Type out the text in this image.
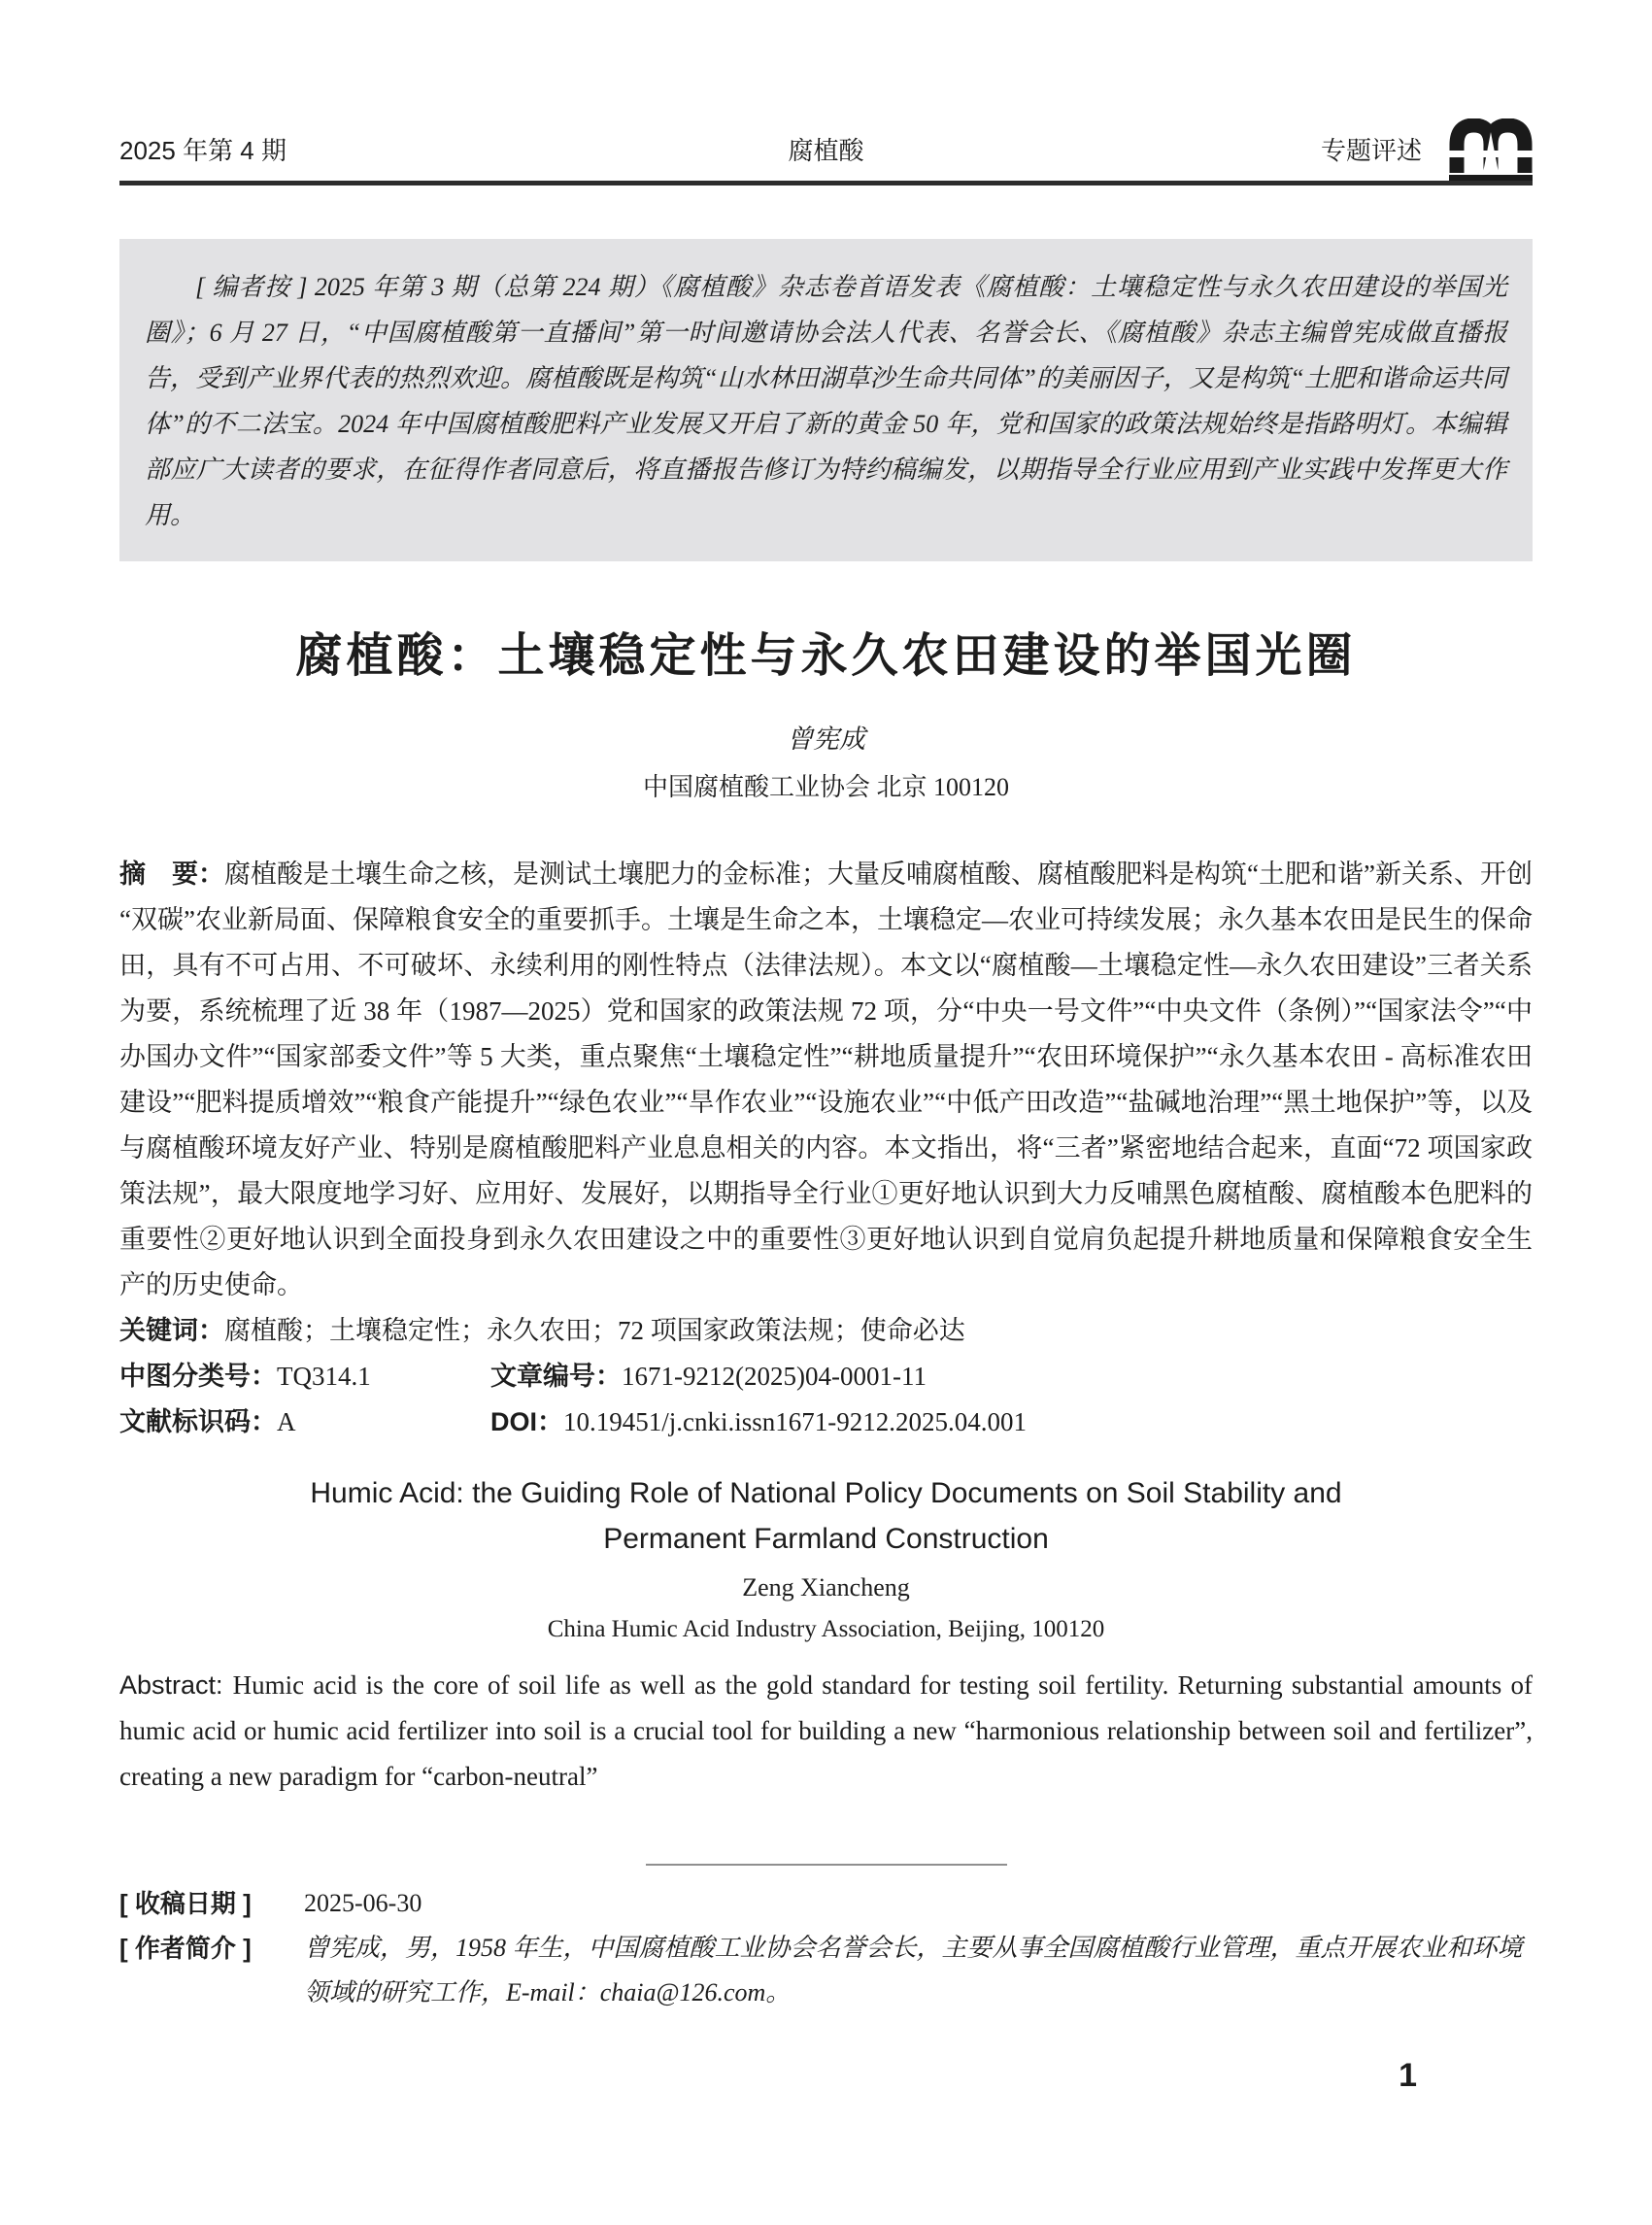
2025 年第 4 期	腐植酸	专题评述

[ 编者按 ] 2025 年第 3 期（总第 224 期）《腐植酸》杂志卷首语发表《腐植酸：土壤稳定性与永久农田建设的举国光圈》；6 月 27 日，“中国腐植酸第一直播间”第一时间邀请协会法人代表、名誉会长、《腐植酸》杂志主编曾宪成做直播报告，受到产业界代表的热烈欢迎。腐植酸既是构筑“山水林田湖草沙生命共同体”的美丽因子，又是构筑“土肥和谐命运共同体”的不二法宝。2024 年中国腐植酸肥料产业发展又开启了新的黄金 50 年，党和国家的政策法规始终是指路明灯。本编辑部应广大读者的要求，在征得作者同意后，将直播报告修订为特约稿编发，以期指导全行业应用到产业实践中发挥更大作用。

腐植酸：土壤稳定性与永久农田建设的举国光圈
曾宪成
中国腐植酸工业协会 北京 100120

摘　要：腐植酸是土壤生命之核，是测试土壤肥力的金标准；大量反哺腐植酸、腐植酸肥料是构筑“土肥和谐”新关系、开创“双碳”农业新局面、保障粮食安全的重要抓手。土壤是生命之本，土壤稳定—农业可持续发展；永久基本农田是民生的保命田，具有不可占用、不可破坏、永续利用的刚性特点（法律法规）。本文以“腐植酸—土壤稳定性—永久农田建设”三者关系为要，系统梳理了近 38 年（1987—2025）党和国家的政策法规 72 项，分“中央一号文件”“中央文件（条例）”“国家法令”“中办国办文件”“国家部委文件”等 5 大类，重点聚焦“土壤稳定性”“耕地质量提升”“农田环境保护”“永久基本农田 - 高标准农田建设”“肥料提质增效”“粮食产能提升”“绿色农业”“旱作农业”“设施农业”“中低产田改造”“盐碱地治理”“黑土地保护”等，以及与腐植酸环境友好产业、特别是腐植酸肥料产业息息相关的内容。本文指出，将“三者”紧密地结合起来，直面“72 项国家政策法规”，最大限度地学习好、应用好、发展好，以期指导全行业①更好地认识到大力反哺黑色腐植酸、腐植酸本色肥料的重要性②更好地认识到全面投身到永久农田建设之中的重要性③更好地认识到自觉肩负起提升耕地质量和保障粮食安全生产的历史使命。

关键词：腐植酸；土壤稳定性；永久农田；72 项国家政策法规；使命必达

中图分类号：TQ314.1	文章编号：1671-9212(2025)04-0001-11
文献标识码：A	DOI：10.19451/j.cnki.issn1671-9212.2025.04.001
Humic Acid: the Guiding Role of National Policy Documents on Soil Stability and
Permanent Farmland Construction
Zeng Xiancheng
China Humic Acid Industry Association, Beijing, 100120

Abstract: Humic acid is the core of soil life as well as the gold standard for testing soil fertility. Returning substantial amounts of humic acid or humic acid fertilizer into soil is a crucial tool for building a new “harmonious relationship between soil and fertilizer”, creating a new paradigm for “carbon-neutral”

[ 收稿日期 ]	2025-06-30
[ 作者简介 ]	曾宪成，男，1958 年生，中国腐植酸工业协会名誉会长，主要从事全国腐植酸行业管理，重点开展农业和环境领域的研究工作，E-mail：chaia@126.com。
1
